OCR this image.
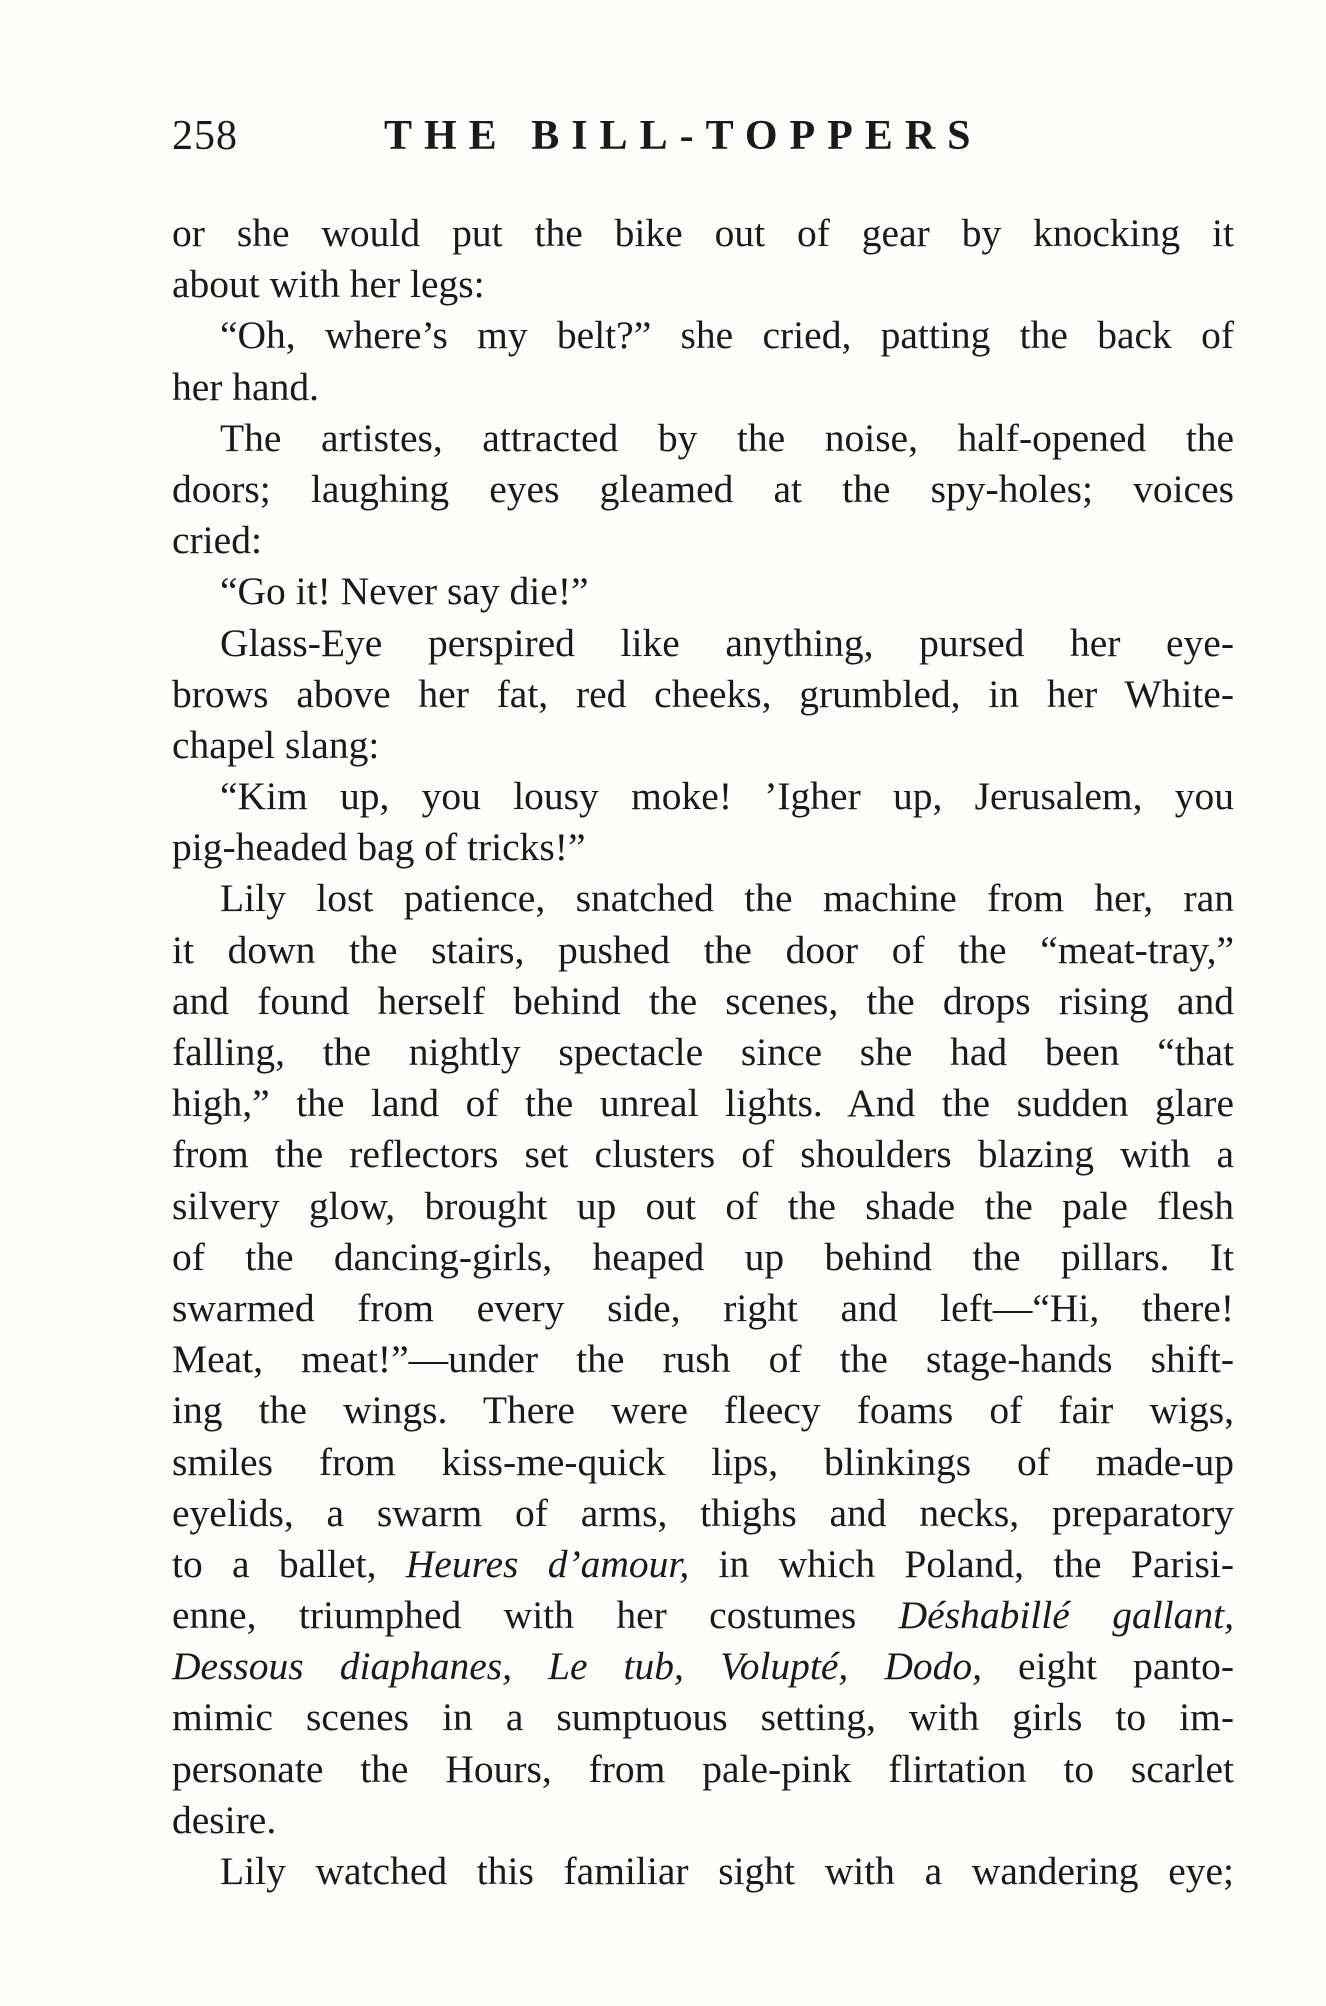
258	THE BILL-TOPPERS
or she would put the bike out of gear by knocking it
about with her legs:
“Oh, where’s my belt?” she cried, patting the back of
her hand.
The artistes, attracted by the noise, half-opened the
doors; laughing eyes gleamed at the spy-holes; voices
cried:
“Go it! Never say die!”
Glass-Eye perspired like anything, pursed her eye-
brows above her fat, red cheeks, grumbled, in her White-
chapel slang:
“Kim up, you lousy moke! ’Igher up, Jerusalem, you
pig-headed bag of tricks!”
Lily lost patience, snatched the machine from her, ran
it down the stairs, pushed the door of the “meat-tray,”
and found herself behind the scenes, the drops rising and
falling, the nightly spectacle since she had been “that
high,” the land of the unreal lights. And the sudden glare
from the reflectors set clusters of shoulders blazing with a
silvery glow, brought up out of the shade the pale flesh
of the dancing-girls, heaped up behind the pillars. It
swarmed from every side, right and left—“Hi, there!
Meat, meat!”—under the rush of the stage-hands shift-
ing the wings. There were fleecy foams of fair wigs,
smiles from kiss-me-quick lips, blinkings of made-up
eyelids, a swarm of arms, thighs and necks, preparatory
to a ballet, Heures d’amour, in which Poland, the Parisi-
enne, triumphed with her costumes Déshabillé gallant,
Dessous diaphanes, Le tub, Volupté, Dodo, eight panto-
mimic scenes in a sumptuous setting, with girls to im-
personate the Hours, from pale-pink flirtation to scarlet
desire.
Lily watched this familiar sight with a wandering eye;
